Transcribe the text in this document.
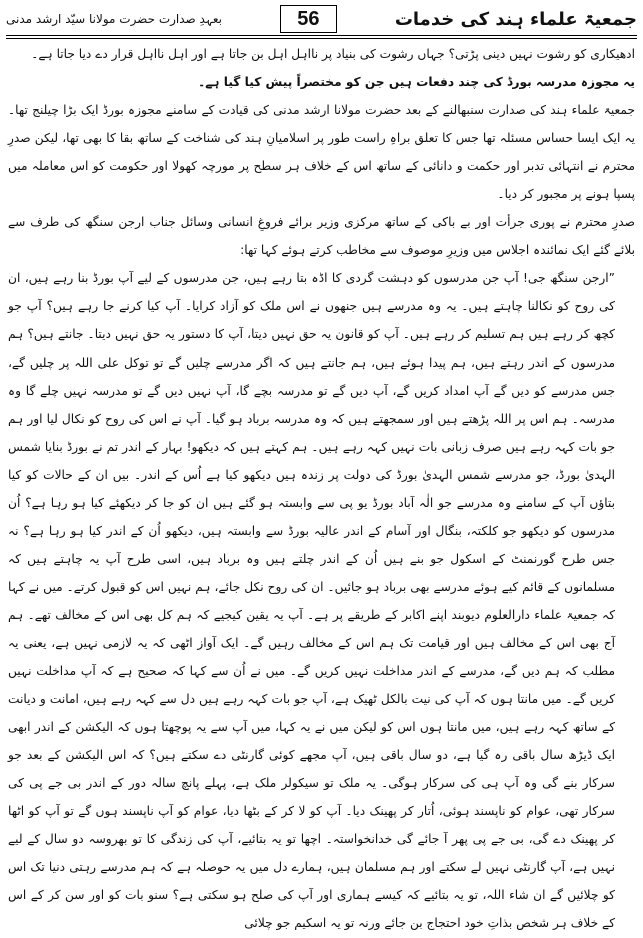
جمعیۃ علماء ہند کی خدمات
56
بعہدِ صدارت حضرت مولانا سیّد ارشد مدنی

ادھیکاری کو رشوت نہیں دینی پڑتی؟ جہاں رشوت کی بنیاد پر نااہل اہل بن جاتا ہے اور اہل نااہل قرار دے دیا جاتا ہے۔

یہ مجوزہ مدرسہ بورڈ کی چند دفعات ہیں جن کو مختصراً پیش کیا گیا ہے۔

جمعیۃ علماء ہند کی صدارت سنبھالنے کے بعد حضرت مولانا ارشد مدنی کی قیادت کے سامنے مجوزہ بورڈ ایک بڑا چیلنج تھا۔ یہ ایک ایسا حساس مسئلہ تھا جس کا تعلق براہِ راست طور پر اسلامیانِ ہند کی شناخت کے ساتھ بقا کا بھی تھا، لیکن صدرِ محترم نے انتہائی تدبر اور حکمت و دانائی کے ساتھ اس کے خلاف ہر سطح پر مورچہ کھولا اور حکومت کو اس معاملہ میں پسپا ہونے پر مجبور کر دیا۔

صدرِ محترم نے پوری جرأت اور بے باکی کے ساتھ مرکزی وزیر برائے فروغِ انسانی وسائل جناب ارجن سنگھ کی طرف سے بلائے گئے ایک نمائندہ اجلاس میں وزیرِ موصوف سے مخاطب کرتے ہوئے کہا تھا:

”ارجن سنگھ جی! آپ جن مدرسوں کو دہشت گردی کا اڈہ بتا رہے ہیں، جن مدرسوں کے لیے آپ بورڈ بنا رہے ہیں، ان کی روح کو نکالنا چاہتے ہیں۔ یہ وہ مدرسے ہیں جنھوں نے اس ملک کو آزاد کرایا۔ آپ کیا کرنے جا رہے ہیں؟ آپ جو کچھ کر رہے ہیں ہم تسلیم کر رہے ہیں۔ آپ کو قانون یہ حق نہیں دیتا، آپ کا دستور یہ حق نہیں دیتا۔ جانتے ہیں؟ ہم مدرسوں کے اندر رہتے ہیں، ہم پیدا ہوئے ہیں، ہم جانتے ہیں کہ اگر مدرسے چلیں گے تو توکل علی اللہ پر چلیں گے، جس مدرسے کو دیں گے آپ امداد کریں گے، آپ دیں گے تو مدرسہ بچے گا، آپ نہیں دیں گے تو مدرسہ نہیں چلے گا وہ مدرسہ۔ ہم اس پر اللہ پڑھتے ہیں اور سمجھتے ہیں کہ وہ مدرسہ برباد ہو گیا۔ آپ نے اس کی روح کو نکال لیا اور ہم جو بات کہہ رہے ہیں صرف زبانی بات نہیں کہہ رہے ہیں۔ ہم کہتے ہیں کہ دیکھو! بہار کے اندر تم نے بورڈ بنایا شمس الہدیٰ بورڈ، جو مدرسے شمس الہدیٰ بورڈ کی دولت پر زندہ ہیں دیکھو کیا ہے اُس کے اندر۔ بیں ان کے حالات کو کیا بتاؤں آپ کے سامنے وہ مدرسے جو الٰہ آباد بورڈ یو پی سے وابستہ ہو گئے ہیں ان کو جا کر دیکھئے کیا ہو رہا ہے؟ اُن مدرسوں کو دیکھو جو کلکتہ، بنگال اور آسام کے اندر عالیہ بورڈ سے وابستہ ہیں، دیکھو اُن کے اندر کیا ہو رہا ہے؟ نہ جس طرح گورنمنٹ کے اسکول جو بنے ہیں اُن کے اندر چلتے ہیں وہ برباد ہیں، اسی طرح آپ یہ چاہتے ہیں کہ مسلمانوں کے قائم کیے ہوئے مدرسے بھی برباد ہو جائیں۔ ان کی روح نکل جائے، ہم نہیں اس کو قبول کرتے۔ میں نے کہا کہ جمعیۃ علماء دارالعلوم دیوبند اپنے اکابر کے طریقے پر ہے۔ آپ یہ یقین کیجیے کہ ہم کل بھی اس کے مخالف تھے۔ ہم آج بھی اس کے مخالف ہیں اور قیامت تک ہم اس کے مخالف رہیں گے۔ ایک آواز اٹھی کہ یہ لازمی نہیں ہے، یعنی یہ مطلب کہ ہم دیں گے، مدرسے کے اندر مداخلت نہیں کریں گے۔ میں نے اُن سے کہا کہ صحیح ہے کہ آپ مداخلت نہیں کریں گے۔ میں مانتا ہوں کہ آپ کی نیت بالکل ٹھیک ہے، آپ جو بات کہہ رہے ہیں دل سے کہہ رہے ہیں، امانت و دیانت کے ساتھ کہہ رہے ہیں، میں مانتا ہوں اس کو لیکن میں نے یہ کہا، میں آپ سے یہ پوچھتا ہوں کہ الیکشن کے اندر ابھی ایک ڈیڑھ سال باقی رہ گیا ہے، دو سال باقی ہیں، آپ مجھے کوئی گارنٹی دے سکتے ہیں؟ کہ اس الیکشن کے بعد جو سرکار بنے گی وہ آپ ہی کی سرکار ہوگی۔ یہ ملک تو سیکولر ملک ہے، پہلے پانچ سالہ دور کے اندر بی جے پی کی سرکار تھی، عوام کو ناپسند ہوئی، اُتار کر پھینک دیا۔ آپ کو لا کر کے بٹھا دیا، عوام کو آپ ناپسند ہوں گے تو آپ کو اٹھا کر پھینک دے گی، بی جے پی پھر آ جائے گی خدانخواستہ۔ اچھا تو یہ بتائیے، آپ کی زندگی کا تو بھروسہ دو سال کے لیے نہیں ہے، آپ گارنٹی نہیں لے سکتے اور ہم مسلمان ہیں، ہمارے دل میں یہ حوصلہ ہے کہ ہم مدرسے رہتی دنیا تک اس کو چلائیں گے ان شاء اللہ، تو یہ بتائیے کہ کیسے ہماری اور آپ کی صلح ہو سکتی ہے؟ سنو بات کو اور سن کر کے اس کے خلاف ہر شخص بذاتِ خود احتجاج بن جائے ورنہ تو یہ اسکیم جو چلائی
